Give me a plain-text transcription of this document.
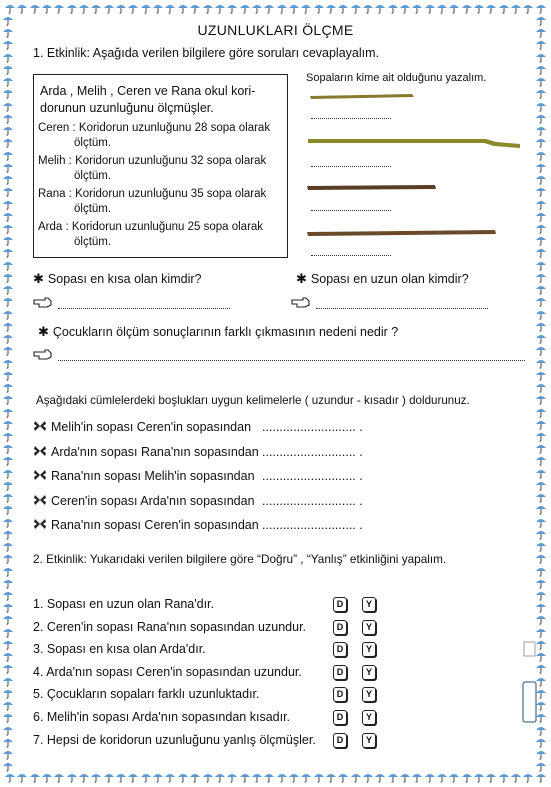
UZUNLUKLARI ÖLÇME
1. Etkinlik: Aşağıda verilen bilgilere göre soruları cevaplayalım.
Arda , Melih , Ceren ve Rana okul kori-
dorunun uzunluğunu ölçmüşler.
Ceren : Koridorun uzunluğunu 28 sopa olarak
ölçtüm.
Melih : Koridorun uzunluğunu 32 sopa olarak
ölçtüm.
Rana : Koridorun uzunluğunu 35 sopa olarak
ölçtüm.
Arda : Koridorun uzunluğunu 25 sopa olarak
ölçtüm.
Sopaların kime ait olduğunu yazalım.
✱ Sopası en kısa olan kimdir?	✱ Sopası en uzun olan kimdir?
✱ Çocukların ölçüm sonuçlarının farklı çıkmasının nedeni nedir ?
Aşağıdaki cümlelerdeki boşlukları uygun kelimelerle ( uzundur - kısadır ) doldurunuz.
Melih'in sopası Ceren'in sopasından ........................... .
Arda'nın sopası Rana'nın sopasından ........................... .
Rana'nın sopası Melih'in sopasından ........................... .
Ceren'in sopası Arda'nın sopasından ........................... .
Rana'nın sopası Ceren'in sopasından ........................... .
2. Etkinlik: Yukarıdaki verilen bilgilere göre “Doğru” , “Yanlış” etkinliğini yapalım.
1. Sopası en uzun olan Rana'dır.	D	Y
2. Ceren'in sopası Rana'nın sopasından uzundur.	D	Y
3. Sopası en kısa olan Arda'dır.	D	Y
4. Arda'nın sopası Ceren'in sopasından uzundur.	D	Y
5. Çocukların sopaları farklı uzunluktadır.	D	Y
6. Melih'in sopası Arda'nın sopasından kısadır.	D	Y
7. Hepsi de koridorun uzunluğunu yanlış ölçmüşler.	D	Y
